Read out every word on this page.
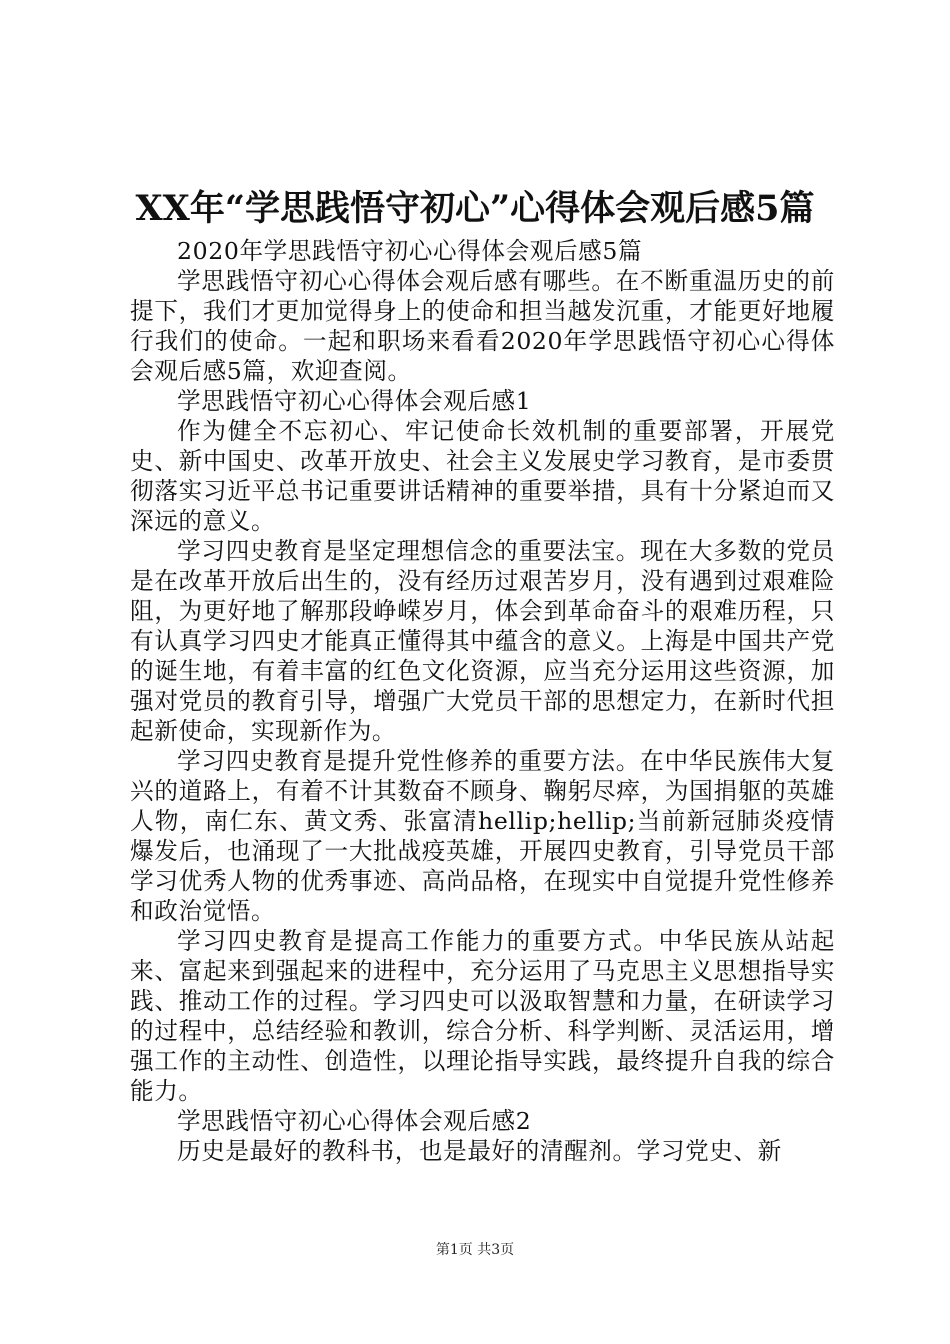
XX年“学思践悟守初心”心得体会观后感5篇

2020年学思践悟守初心心得体会观后感5篇

学思践悟守初心心得体会观后感有哪些。在不断重温历史的前提下，我们才更加觉得身上的使命和担当越发沉重，才能更好地履行我们的使命。一起和职场来看看2020年学思践悟守初心心得体会观后感5篇，欢迎查阅。

学思践悟守初心心得体会观后感1

作为健全不忘初心、牢记使命长效机制的重要部署，开展党史、新中国史、改革开放史、社会主义发展史学习教育，是市委贯彻落实习近平总书记重要讲话精神的重要举措，具有十分紧迫而又深远的意义。

学习四史教育是坚定理想信念的重要法宝。现在大多数的党员是在改革开放后出生的，没有经历过艰苦岁月，没有遇到过艰难险阻，为更好地了解那段峥嵘岁月，体会到革命奋斗的艰难历程，只有认真学习四史才能真正懂得其中蕴含的意义。上海是中国共产党的诞生地，有着丰富的红色文化资源，应当充分运用这些资源，加强对党员的教育引导，增强广大党员干部的思想定力，在新时代担起新使命，实现新作为。

学习四史教育是提升党性修养的重要方法。在中华民族伟大复兴的道路上，有着不计其数奋不顾身、鞠躬尽瘁，为国捐躯的英雄人物，南仁东、黄文秀、张富清hellip;hellip;当前新冠肺炎疫情爆发后，也涌现了一大批战疫英雄，开展四史教育，引导党员干部学习优秀人物的优秀事迹、高尚品格，在现实中自觉提升党性修养和政治觉悟。

学习四史教育是提高工作能力的重要方式。中华民族从站起来、富起来到强起来的进程中，充分运用了马克思主义思想指导实践、推动工作的过程。学习四史可以汲取智慧和力量，在研读学习的过程中，总结经验和教训，综合分析、科学判断、灵活运用，增强工作的主动性、创造性，以理论指导实践，最终提升自我的综合能力。

学思践悟守初心心得体会观后感2

历史是最好的教科书，也是最好的清醒剂。学习党史、新

第1页 共3页
